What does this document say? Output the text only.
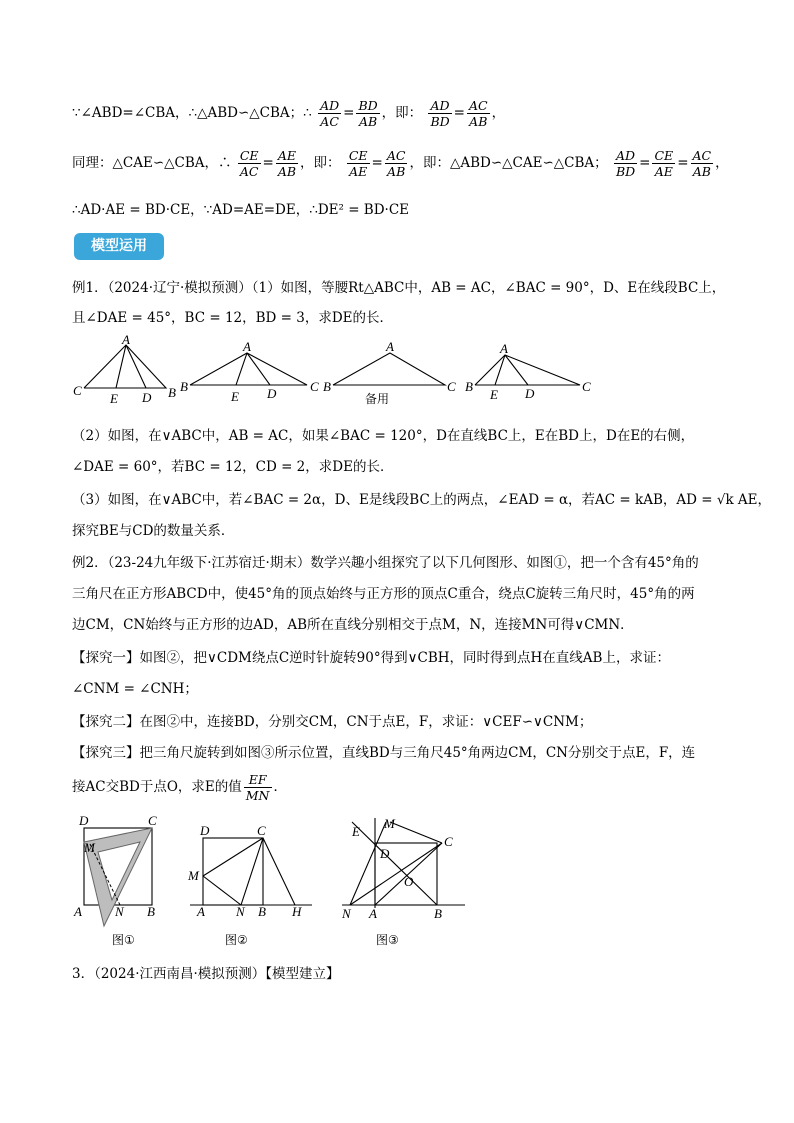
∵∠ABD=∠CBA，∴△ABD∽△CBA；∴ $\frac{AD}{AC} = \frac{BD}{AB}$ ，即： $\frac{AD}{BD} = \frac{AC}{AB}$ ，
同理：△CAE∽△CBA，∴ $\frac{CE}{AC} = \frac{AE}{AB}$ ，即： $\frac{CE}{AE} = \frac{AC}{AB}$ ，即：△ABD∽△CAE∽△CBA； $\frac{AD}{BD} = \frac{CE}{AE} = \frac{AC}{AB}$ ，
∴AD·AE = BD·CE，∵AD=AE=DE，∴DE² = BD·CE
模型运用
例1．（2024·辽宁·模拟预测）（1）如图，等腰Rt△ABC中，AB = AC，∠BAC = 90°，D、E在线段BC上，
且∠DAE = 45°，BC = 12，BD = 3，求DE的长．
A
C	B
E D
A
B	C
E D
A
B	C
备用
A
B	C
E D
（2）如图，在∨ABC中，AB = AC，如果∠BAC = 120°，D在直线BC上，E在BD上，D在E的右侧，
∠DAE = 60°，若BC = 12，CD = 2，求DE的长．
（3）如图，在∨ABC中，若∠BAC = 2α，D、E是线段BC上的两点，∠EAD = α，若AC = kAB，AD = √k AE，
探究BE与CD的数量关系．
例2．（23-24九年级下·江苏宿迁·期末）数学兴趣小组探究了以下几何图形、如图①，把一个含有45°角的
三角尺在正方形ABCD中，使45°角的顶点始终与正方形的顶点C重合，绕点C旋转三角尺时，45°角的两
边CM，CN始终与正方形的边AD，AB所在直线分别相交于点M，N，连接MN可得∨CMN．
【探究一】如图②，把∨CDM绕点C逆时针旋转90°得到∨CBH，同时得到点H在直线AB上，求证：
∠CNM = ∠CNH；
【探究二】在图②中，连接BD，分别交CM，CN于点E，F，求证：∨CEF∽∨CNM；
【探究三】把三角尺旋转到如图③所示位置，直线BD与三角尺45°角两边CM，CN分别交于点E，F，连
接AC交BD于点O，求E的值 $\frac{EF}{MN}$ ．
D	C
M
A	N B
图①
D	C
M
A N B H
图②
E
M
C
D
O
N A	B
图③
3．（2024·江西南昌·模拟预测）【模型建立】
